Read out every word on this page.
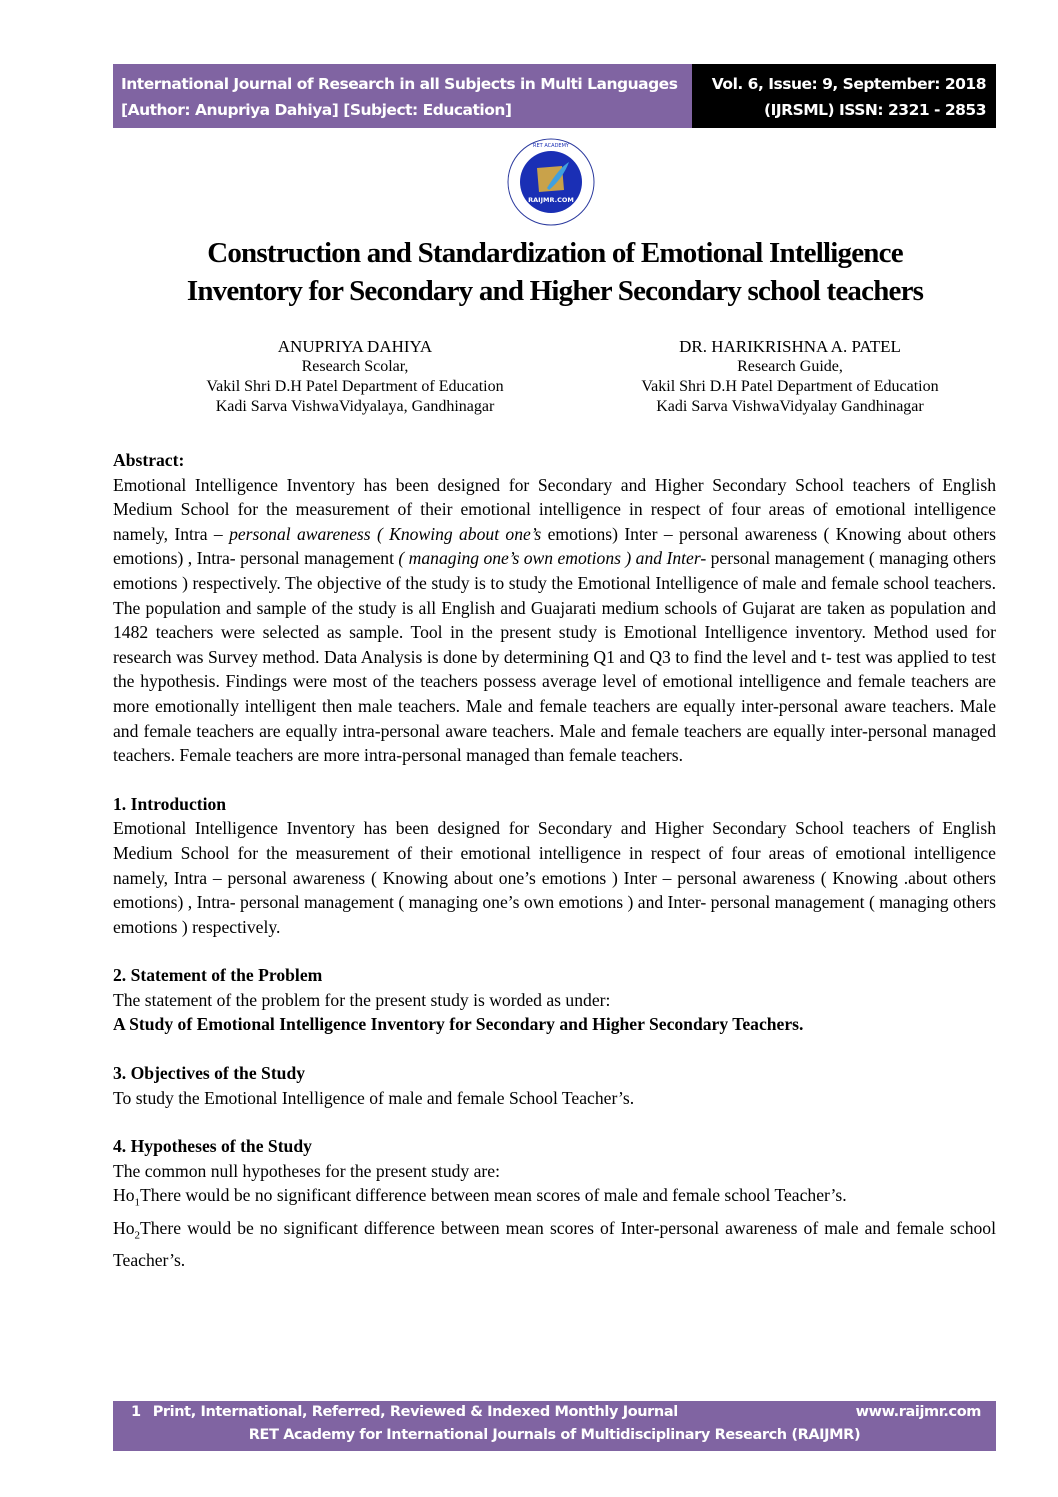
International Journal of Research in all Subjects in Multi Languages
[Author: Anupriya Dahiya] [Subject: Education]
Vol. 6, Issue: 9, September: 2018
(IJRSML) ISSN: 2321 - 2853
RAIJMR.COM
RET ACADEMY
Construction and Standardization of Emotional Intelligence
Inventory for Secondary and Higher Secondary school teachers
ANUPRIYA DAHIYA
Research Scolar,
Vakil Shri D.H Patel Department of Education
Kadi Sarva VishwaVidyalaya, Gandhinagar
DR. HARIKRISHNA A. PATEL
Research Guide,
Vakil Shri D.H Patel Department of Education
Kadi Sarva VishwaVidyalay Gandhinagar

Abstract:

Emotional Intelligence Inventory has been designed for Secondary and Higher Secondary School teachers of English Medium School for the measurement of their emotional intelligence in respect of four areas of emotional intelligence namely, Intra – personal awareness ( Knowing about one’s emotions) Inter – personal awareness ( Knowing about others emotions) , Intra- personal management ( managing one’s own emotions ) and Inter- personal management ( managing others emotions ) respectively. The objective of the study is to study the Emotional Intelligence of male and female school teachers. The population and sample of the study is all English and Guajarati medium schools of Gujarat are taken as population and 1482 teachers were selected as sample. Tool in the present study is Emotional Intelligence inventory. Method used for research was Survey method. Data Analysis is done by determining Q1 and Q3 to find the level and t- test was applied to test the hypothesis. Findings were most of the teachers possess average level of emotional intelligence and female teachers are more emotionally intelligent then male teachers. Male and female teachers are equally inter-personal aware teachers. Male and female teachers are equally intra-personal aware teachers. Male and female teachers are equally inter-personal managed teachers. Female teachers are more intra-personal managed than female teachers.

1. Introduction

Emotional Intelligence Inventory has been designed for Secondary and Higher Secondary School teachers of English Medium School for the measurement of their emotional intelligence in respect of four areas of emotional intelligence namely, Intra – personal awareness ( Knowing about one’s emotions ) Inter – personal awareness ( Knowing .about others emotions) , Intra- personal management ( managing one’s own emotions ) and Inter- personal management ( managing others emotions ) respectively.

2. Statement of the Problem

The statement of the problem for the present study is worded as under:

A Study of Emotional Intelligence Inventory for Secondary and Higher Secondary Teachers.

3. Objectives of the Study

To study the Emotional Intelligence of male and female School Teacher’s.

4. Hypotheses of the Study

The common null hypotheses for the present study are:

$Ho_1There$ would be no significant difference between mean scores of male and female school Teacher’s.

$Ho_2There$ would be no significant difference between mean scores of Inter-personal awareness of male and female school Teacher’s.

1 Print, International, Referred, Reviewed & Indexed Monthly Journal	www.raijmr.com
RET Academy for International Journals of Multidisciplinary Research (RAIJMR)
